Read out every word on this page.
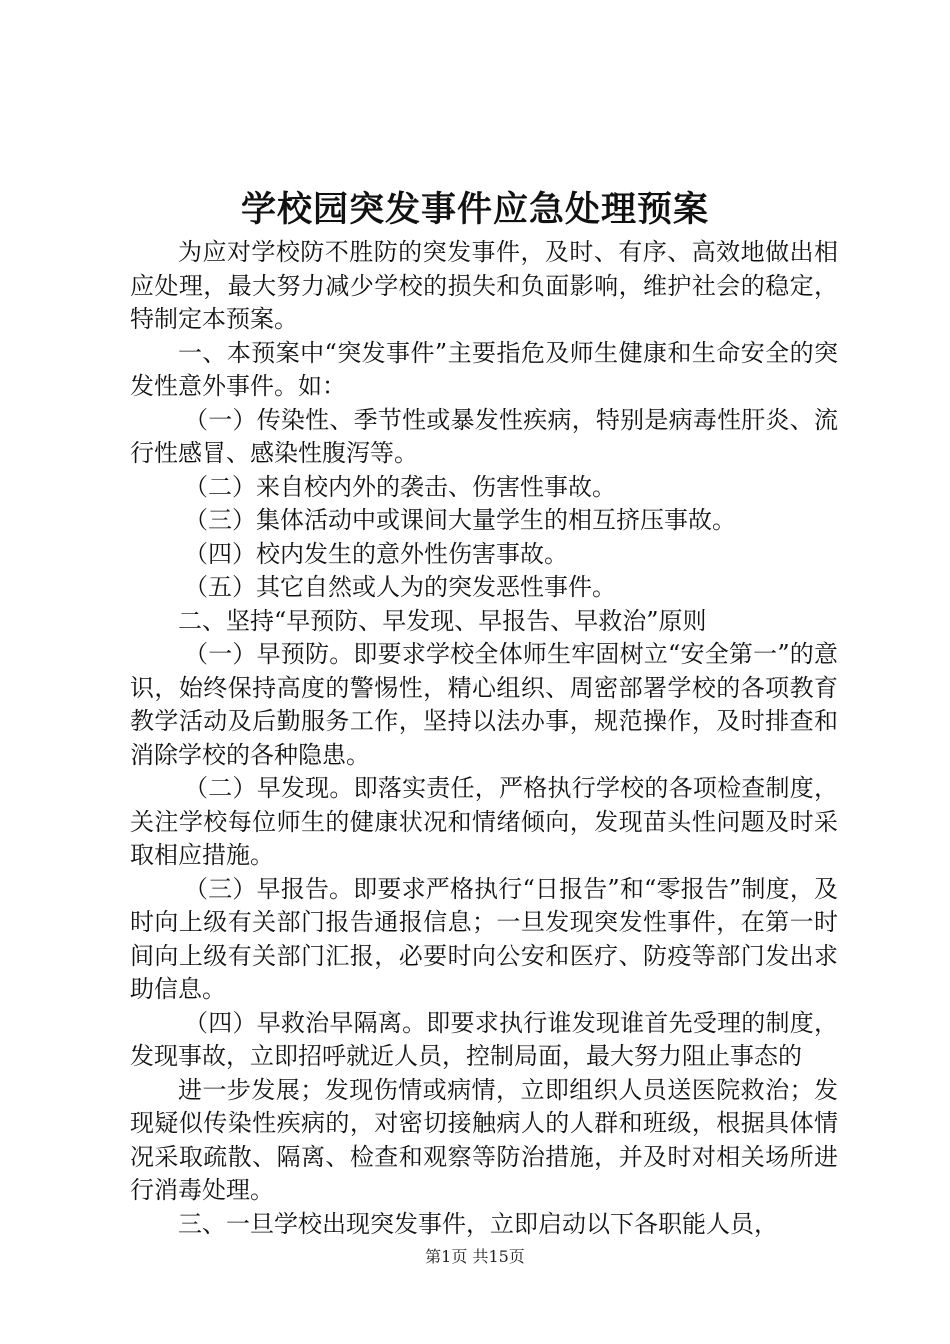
学校园突发事件应急处理预案

为应对学校防不胜防的突发事件，及时、有序、高效地做出相应处理，最大努力减少学校的损失和负面影响，维护社会的稳定，特制定本预案。

一、本预案中“突发事件”主要指危及师生健康和生命安全的突发性意外事件。如：

（一）传染性、季节性或暴发性疾病，特别是病毒性肝炎、流行性感冒、感染性腹泻等。

（二）来自校内外的袭击、伤害性事故。

（三）集体活动中或课间大量学生的相互挤压事故。

（四）校内发生的意外性伤害事故。

（五）其它自然或人为的突发恶性事件。

二、坚持“早预防、早发现、早报告、早救治”原则

（一）早预防。即要求学校全体师生牢固树立“安全第一”的意识，始终保持高度的警惕性，精心组织、周密部署学校的各项教育教学活动及后勤服务工作，坚持以法办事，规范操作，及时排查和消除学校的各种隐患。

（二）早发现。即落实责任，严格执行学校的各项检查制度，关注学校每位师生的健康状况和情绪倾向，发现苗头性问题及时采取相应措施。

（三）早报告。即要求严格执行“日报告”和“零报告”制度，及时向上级有关部门报告通报信息；一旦发现突发性事件，在第一时间向上级有关部门汇报，必要时向公安和医疗、防疫等部门发出求助信息。

（四）早救治早隔离。即要求执行谁发现谁首先受理的制度，发现事故，立即招呼就近人员，控制局面，最大努力阻止事态的

进一步发展；发现伤情或病情，立即组织人员送医院救治；发现疑似传染性疾病的，对密切接触病人的人群和班级，根据具体情况采取疏散、隔离、检查和观察等防治措施，并及时对相关场所进行消毒处理。

三、一旦学校出现突发事件，立即启动以下各职能人员，

第1页 共15页
